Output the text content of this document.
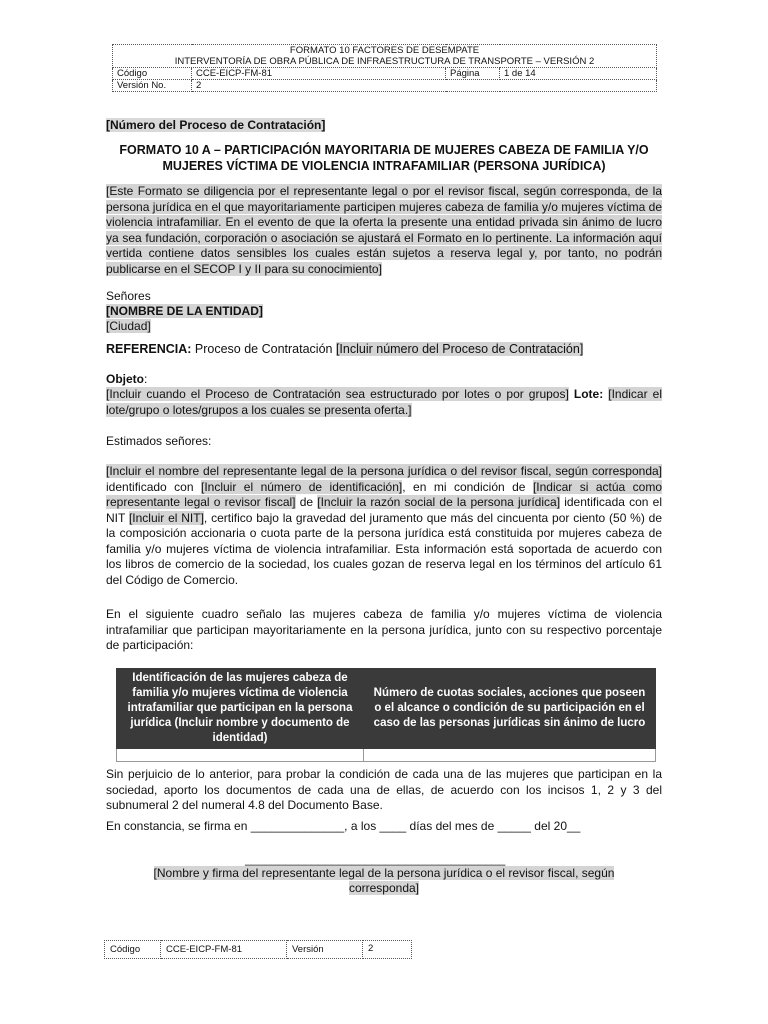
FORMATO 10 FACTORES DE DESEMPATE
INTERVENTORÍA DE OBRA PÚBLICA DE INFRAESTRUCTURA DE TRANSPORTE – VERSIÓN 2			

Código	CCE-EICP-FM-81	Página	1 de 14
Versión No.	2		
[Número del Proceso de Contratación]
FORMATO 10 A – PARTICIPACIÓN MAYORITARIA DE MUJERES CABEZA DE FAMILIA Y/O MUJERES VÍCTIMA DE VIOLENCIA INTRAFAMILIAR (PERSONA JURÍDICA)
[Este Formato se diligencia por el representante legal o por el revisor fiscal, según corresponda, de la persona jurídica en el que mayoritariamente participen mujeres cabeza de familia y/o mujeres víctima de violencia intrafamiliar. En el evento de que la oferta la presente una entidad privada sin ánimo de lucro ya sea fundación, corporación o asociación se ajustará el Formato en lo pertinente. La información aquí vertida contiene datos sensibles los cuales están sujetos a reserva legal y, por tanto, no podrán publicarse en el SECOP I y II para su conocimiento]
Señores
[NOMBRE DE LA ENTIDAD]
[Ciudad]
REFERENCIA: Proceso de Contratación [Incluir número del Proceso de Contratación]
Objeto:
[Incluir cuando el Proceso de Contratación sea estructurado por lotes o por grupos] Lote: [Indicar el lote/grupo o lotes/grupos a los cuales se presenta oferta.]
Estimados señores:
[Incluir el nombre del representante legal de la persona jurídica o del revisor fiscal, según corresponda] identificado con [Incluir el número de identificación], en mi condición de [Indicar si actúa como representante legal o revisor fiscal] de [Incluir la razón social de la persona jurídica] identificada con el NIT [Incluir el NIT], certifico bajo la gravedad del juramento que más del cincuenta por ciento (50 %) de la composición accionaria o cuota parte de la persona jurídica está constituida por mujeres cabeza de familia y/o mujeres víctima de violencia intrafamiliar. Esta información está soportada de acuerdo con los libros de comercio de la sociedad, los cuales gozan de reserva legal en los términos del artículo 61 del Código de Comercio.
En el siguiente cuadro señalo las mujeres cabeza de familia y/o mujeres víctima de violencia intrafamiliar que participan mayoritariamente en la persona jurídica, junto con su respectivo porcentaje de participación:
Identificación de las mujeres cabeza de familia y/o mujeres víctima de violencia intrafamiliar que participan en la persona jurídica (Incluir nombre y documento de identidad)	Número de cuotas sociales, acciones que poseen o el alcance o condición de su participación en el caso de las personas jurídicas sin ánimo de lucro

Sin perjuicio de lo anterior, para probar la condición de cada una de las mujeres que participan en la sociedad, aporto los documentos de cada una de ellas, de acuerdo con los incisos 1, 2 y 3 del subnumeral 2 del numeral 4.8 del Documento Base.
En constancia, se firma en ______________, a los ____ días del mes de _____ del 20__
_______________________________________
[Nombre y firma del representante legal de la persona jurídica o el revisor fiscal, según corresponda]
Código	CCE-EICP-FM-81	Versión	2
